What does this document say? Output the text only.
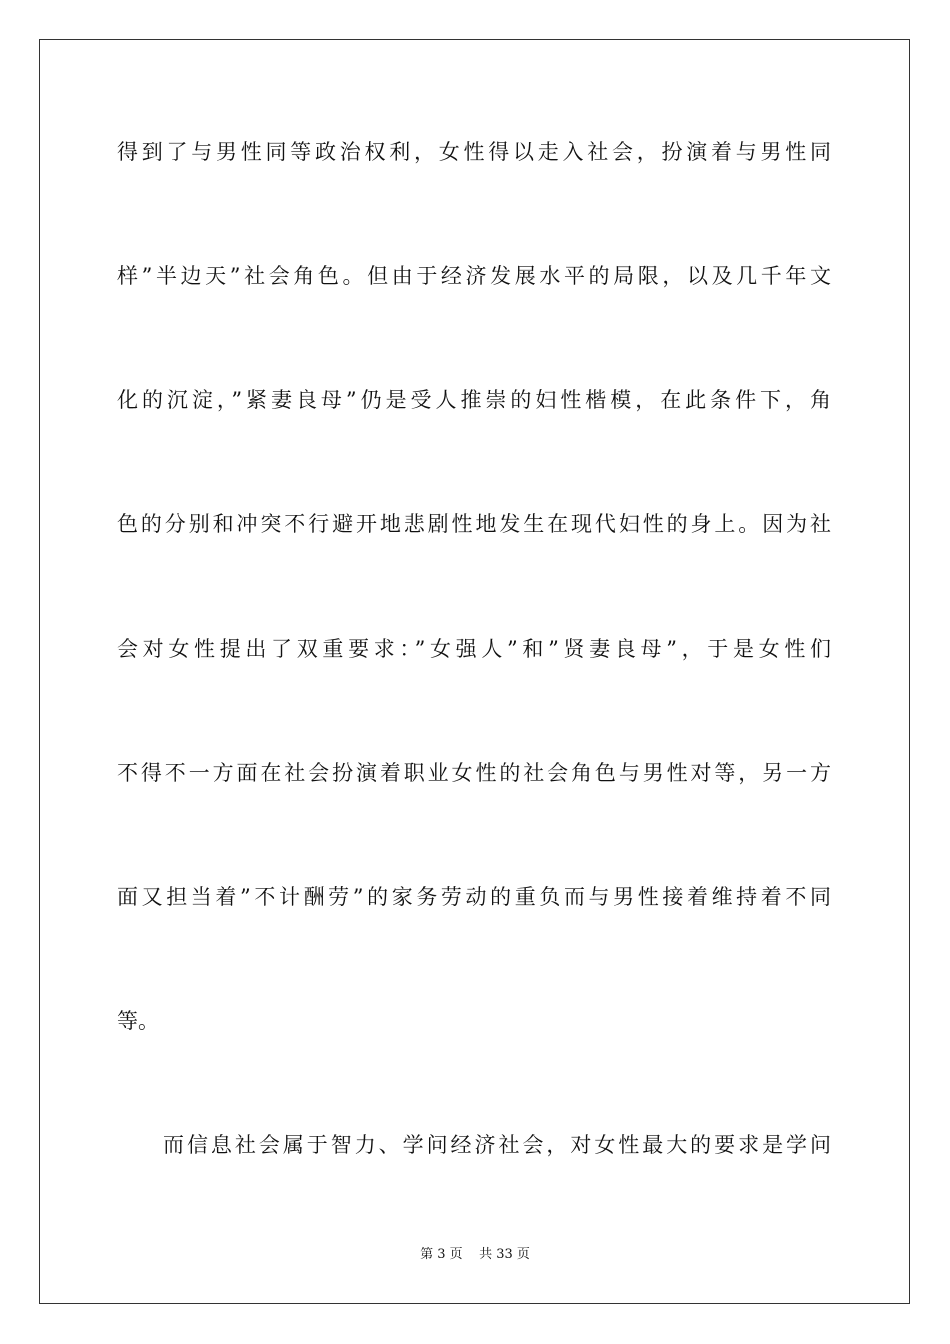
得到了与男性同等政治权利，女性得以走入社会，扮演着与男性同
样”半边天”社会角色。但由于经济发展水平的局限，以及几千年文
化的沉淀，”紧妻良母”仍是受人推崇的妇性楷模，在此条件下，角
色的分别和冲突不行避开地悲剧性地发生在现代妇性的身上。因为社
会对女性提出了双重要求：”女强人”和”贤妻良母”，于是女性们
不得不一方面在社会扮演着职业女性的社会角色与男性对等，另一方
面又担当着”不计酬劳”的家务劳动的重负而与男性接着维持着不同
等。
而信息社会属于智力、学问经济社会，对女性最大的要求是学问
第 3 页    共 33 页
